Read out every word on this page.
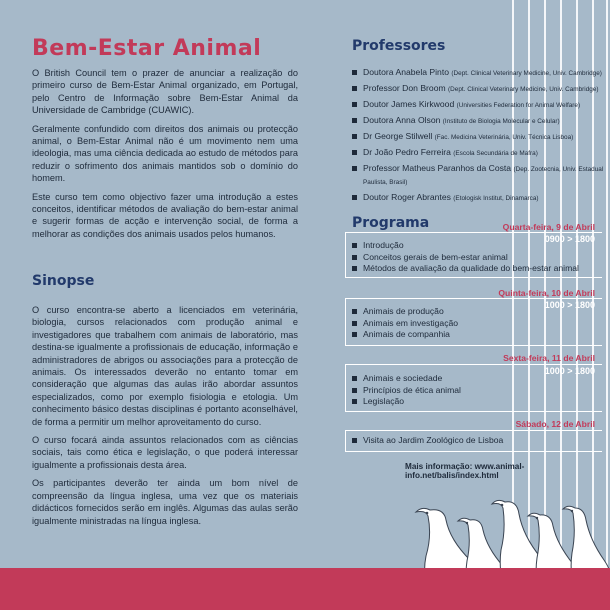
Bem-Estar Animal

O British Council tem o prazer de anunciar a realização do primeiro curso de Bem-Estar Animal organizado, em Portugal, pelo Centro de Informação sobre Bem-Estar Animal da Universidade de Cambridge (CUAWIC).

Geralmente confundido com direitos dos animais ou protecção animal, o Bem-Estar Animal não é um movimento nem uma ideologia, mas uma ciência dedicada ao estudo de métodos para reduzir o sofrimento dos animais mantidos sob o domínio do homem.

Este curso tem como objectivo fazer uma introdução a estes conceitos, identificar métodos de avaliação do bem-estar animal e sugerir formas de acção e intervenção social, de forma a melhorar as condições dos animais usados pelos humanos.

Sinopse

O curso encontra-se aberto a licenciados em veterinária, biologia, cursos relacionados com produção animal e investigadores que trabalhem com animais de laboratório, mas destina-se igualmente a profissionais de educação, informação e administradores de abrigos ou associações para a protecção de animais. Os interessados deverão no entanto tomar em consideração que algumas das aulas irão abordar assuntos especializados, como por exemplo fisiologia e etologia. Um conhecimento básico destas disciplinas é portanto aconselhável, de forma a permitir um melhor aproveitamento do curso.

O curso focará ainda assuntos relacionados com as ciências sociais, tais como ética e legislação, o que poderá interessar igualmente a profissionais desta área.

Os participantes deverão ter ainda um bom nível de compreensão da língua inglesa, uma vez que os materiais didácticos fornecidos serão em inglês. Algumas das aulas serão igualmente ministradas na língua inglesa.

Professores
Doutora Anabela Pinto (Dept. Clinical Veterinary Medicine, Univ. Cambridge)
Professor Don Broom (Dept. Clinical Veterinary Medicine, Univ. Cambridge)
Doutor James Kirkwood (Universities Federation for Animal Welfare)
Doutora Anna Olson (Instituto de Biologia Molecular e Celular)
Dr George Stilwell (Fac. Medicina Veterinária, Univ. Técnica Lisboa)
Dr João Pedro Ferreira (Escola Secundária de Mafra)
Professor Matheus Paranhos da Costa (Dep. Zootecnia, Univ. Estadual Paulista, Brasil)
Doutor Roger Abrantes (Etologisk Institut, Dinamarca)
Programa	Quarta-feira, 9 de Abril
0900 > 1800
Introdução
Conceitos gerais de bem-estar animal
Métodos de avaliação da qualidade do bem-estar animal
Quinta-feira, 10 de Abril
1000 > 1800
Animais de produção
Animais em investigação
Animais de companhia
Sexta-feira, 11 de Abril
1000 > 1800
Animais e sociedade
Princípios de ética animal
Legislação
Sábado, 12 de Abril
Visita ao Jardim Zoológico de Lisboa
Mais informação: www.animal-info.net/balis/index.html
